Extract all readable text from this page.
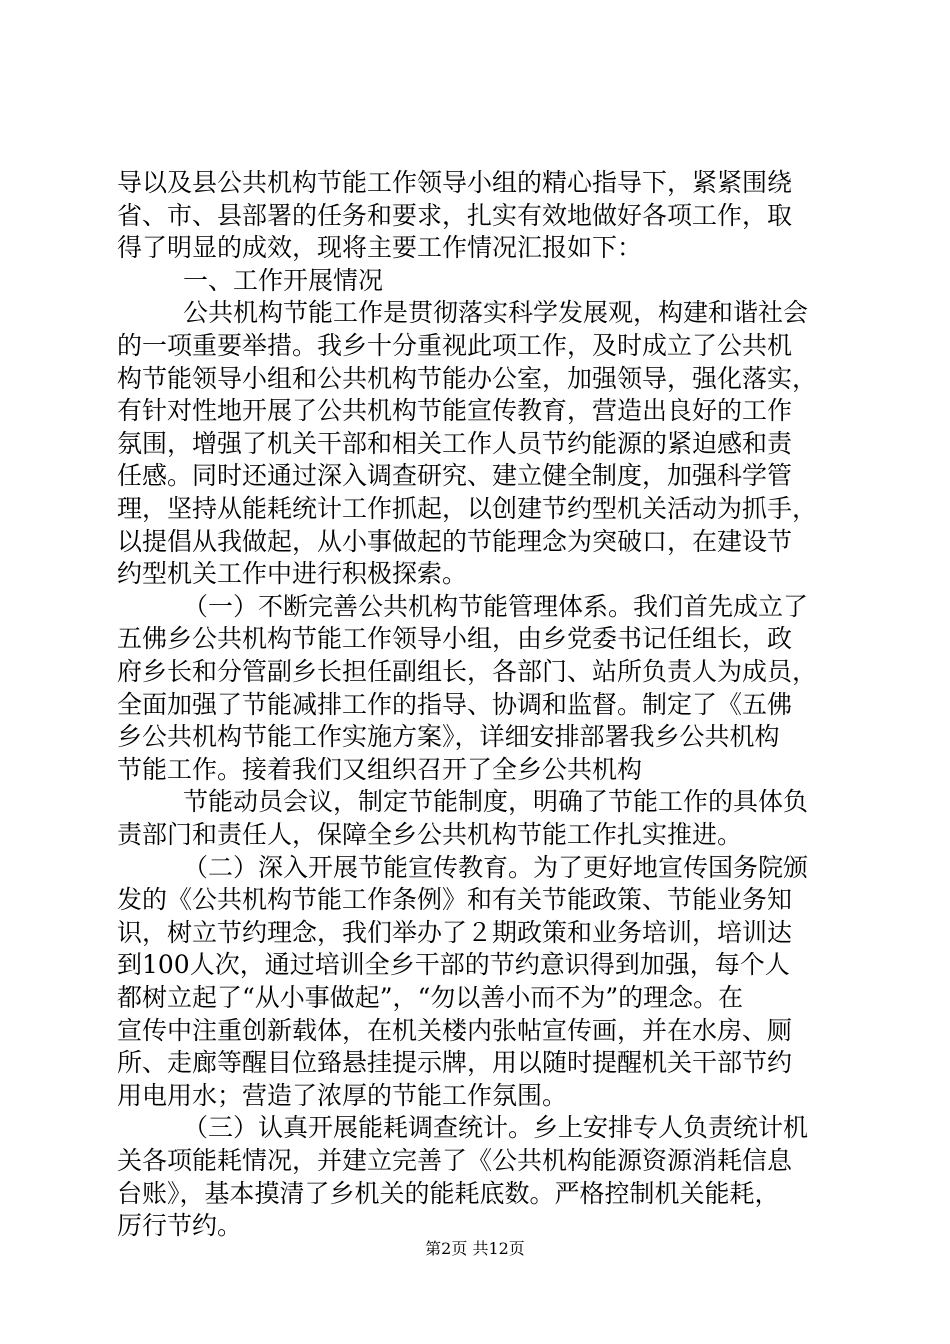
导以及县公共机构节能工作领导小组的精心指导下，紧紧围绕
省、市、县部署的任务和要求，扎实有效地做好各项工作，取
得了明显的成效，现将主要工作情况汇报如下：
一、工作开展情况
公共机构节能工作是贯彻落实科学发展观，构建和谐社会
的一项重要举措。我乡十分重视此项工作，及时成立了公共机
构节能领导小组和公共机构节能办公室，加强领导，强化落实，
有针对性地开展了公共机构节能宣传教育，营造出良好的工作
氛围，增强了机关干部和相关工作人员节约能源的紧迫感和责
任感。同时还通过深入调查研究、建立健全制度，加强科学管
理，坚持从能耗统计工作抓起，以创建节约型机关活动为抓手，
以提倡从我做起，从小事做起的节能理念为突破口，在建设节
约型机关工作中进行积极探索。
（一）不断完善公共机构节能管理体系。我们首先成立了
五佛乡公共机构节能工作领导小组，由乡党委书记任组长，政
府乡长和分管副乡长担任副组长，各部门、站所负责人为成员，
全面加强了节能减排工作的指导、协调和监督。制定了《五佛
乡公共机构节能工作实施方案》，详细安排部署我乡公共机构
节能工作。接着我们又组织召开了全乡公共机构
节能动员会议，制定节能制度，明确了节能工作的具体负
责部门和责任人，保障全乡公共机构节能工作扎实推进。
（二）深入开展节能宣传教育。为了更好地宣传国务院颁
发的《公共机构节能工作条例》和有关节能政策、节能业务知
识，树立节约理念，我们举办了２期政策和业务培训，培训达
到100人次，通过培训全乡干部的节约意识得到加强，每个人
都树立起了“从小事做起”，“勿以善小而不为”的理念。在
宣传中注重创新载体，在机关楼内张帖宣传画，并在水房、厕
所、走廊等醒目位臵悬挂提示牌，用以随时提醒机关干部节约
用电用水；营造了浓厚的节能工作氛围。
（三）认真开展能耗调查统计。乡上安排专人负责统计机
关各项能耗情况，并建立完善了《公共机构能源资源消耗信息
台账》，基本摸清了乡机关的能耗底数。严格控制机关能耗，
厉行节约。
第2页 共12页
